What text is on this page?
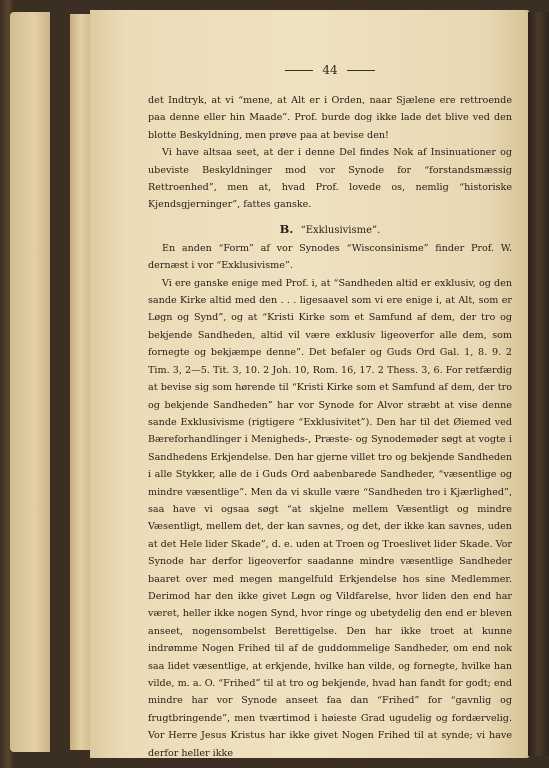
44

det Indtryk, at vi “mene, at Alt er i Orden, naar Sjælene ere rettroende paa denne eller hin Maade”. Prof. burde dog ikke lade det blive ved den blotte Beskyldning, men prøve paa at bevise den!

Vi have altsaa seet, at der i denne Del findes Nok af Insinuationer og ubeviste Beskyldninger mod vor Synode for “forstandsmæssig Rettroenhed”, men at, hvad Prof. lovede os, nemlig “historiske Kjendsgjerninger”, fattes ganske.

B. “Exklusivisme”.

En anden “Form” af vor Synodes “Wisconsinisme” finder Prof. W. dernæst i vor “Exklusivisme”.

Vi ere ganske enige med Prof. i, at “Sandheden altid er exklusiv, og den sande Kirke altid med den . . . ligesaavel som vi ere enige i, at Alt, som er Løgn og Synd”, og at “Kristi Kirke som et Samfund af dem, der tro og bekjende Sandheden, altid vil være exklusiv ligeoverfor alle dem, som fornegte og bekjæmpe denne”. Det befaler og Guds Ord Gal. 1, 8. 9. 2 Tim. 3, 2—5. Tit. 3, 10. 2 Joh. 10, Rom. 16, 17. 2 Thess. 3, 6. For retfærdig at bevise sig som hørende til “Kristi Kirke som et Samfund af dem, der tro og bekjende Sandheden” har vor Synode for Alvor stræbt at vise denne sande Exklusivisme (rigtigere “Exklusivitet”). Den har til det Øiemed ved Bæreforhandlinger i Menigheds-, Præste- og Synodemøder søgt at vogte i Sandhedens Erkjendelse. Den har gjerne villet tro og bekjende Sandheden i alle Stykker, alle de i Guds Ord aabenbarede Sandheder, “væsentlige og mindre væsentlige”. Men da vi skulle være “Sandheden tro i Kjærlighed”, saa have vi ogsaa søgt “at skjelne mellem Væsentligt og mindre Væsentligt, mellem det, der kan savnes, og det, der ikke kan savnes, uden at det Hele lider Skade”, d. e. uden at Troen og Troeslivet lider Skade. Vor Synode har derfor ligeoverfor saadanne mindre væsentlige Sandheder baaret over med megen mangelfuld Erkjendelse hos sine Medlemmer. Derimod har den ikke givet Løgn og Vildfarelse, hvor liden den end har været, heller ikke nogen Synd, hvor ringe og ubetydelig den end er bleven anseet, nogensombelst Berettigelse. Den har ikke troet at kunne indrømme Nogen Frihed til af de guddommelige Sandheder, om end nok saa lidet væsentlige, at erkjende, hvilke han vilde, og fornegte, hvilke han vilde, m. a. O. “Frihed” til at tro og bekjende, hvad han fandt for godt; end mindre har vor Synode anseet faa dan “Frihed” for “gavnlig og frugtbringende”, men tværtimod i høieste Grad ugudelig og fordærvelig. Vor Herre Jesus Kristus har ikke givet Nogen Frihed til at synde; vi have derfor heller ikke
